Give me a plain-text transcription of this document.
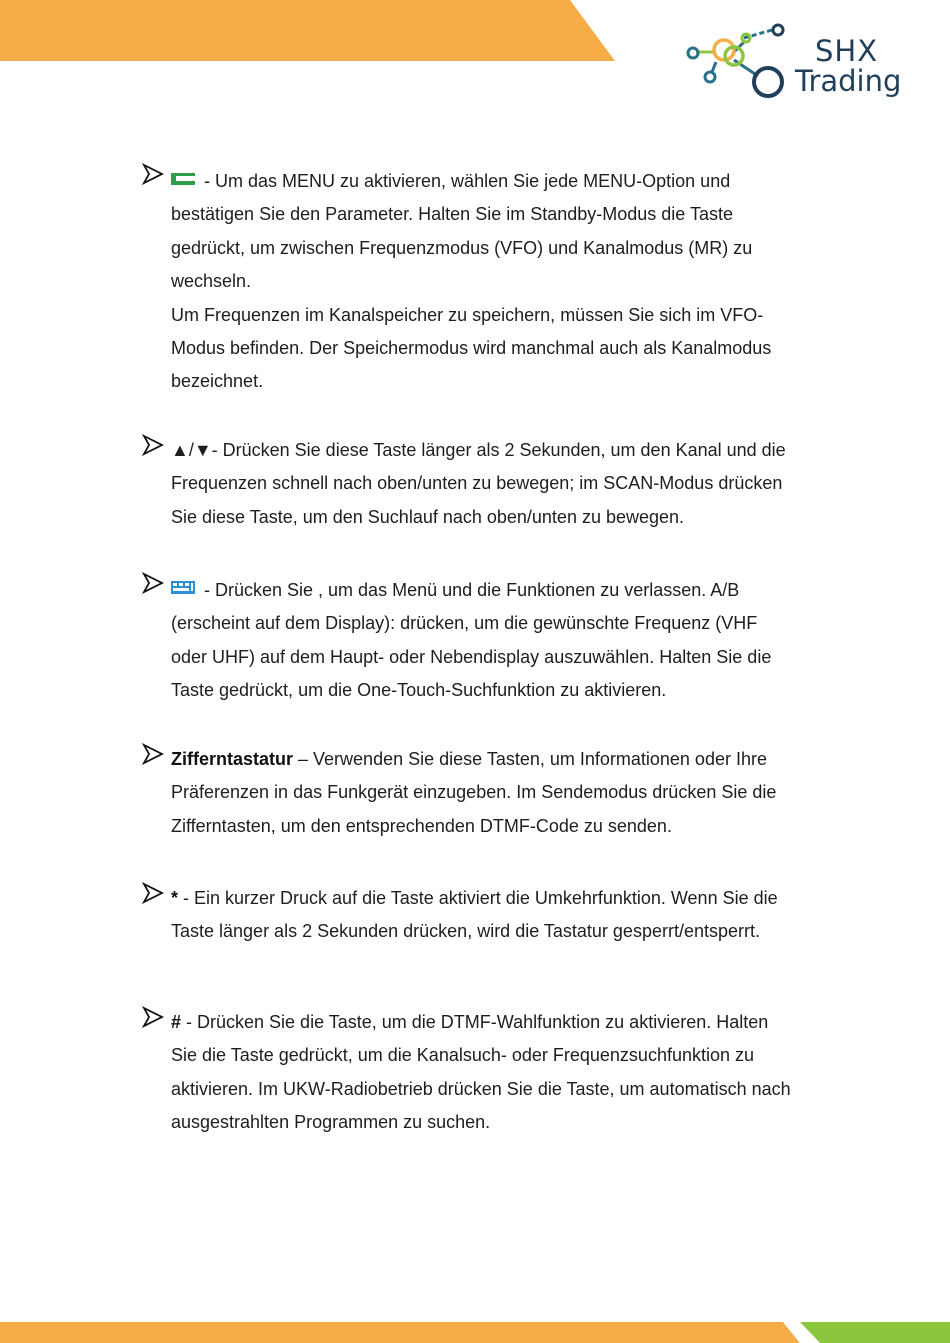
SHX
Trading
- Um das MENU zu aktivieren, wählen Sie jede MENU-Option und
bestätigen Sie den Parameter. Halten Sie im Standby-Modus die Taste
gedrückt, um zwischen Frequenzmodus (VFO) und Kanalmodus (MR) zu
wechseln.
Um Frequenzen im Kanalspeicher zu speichern, müssen Sie sich im VFO-
Modus befinden. Der Speichermodus wird manchmal auch als Kanalmodus
bezeichnet.
▲/▼- Drücken Sie diese Taste länger als 2 Sekunden, um den Kanal und die
Frequenzen schnell nach oben/unten zu bewegen; im SCAN-Modus drücken
Sie diese Taste, um den Suchlauf nach oben/unten zu bewegen.
- Drücken Sie , um das Menü und die Funktionen zu verlassen. A/B
(erscheint auf dem Display): drücken, um die gewünschte Frequenz (VHF
oder UHF) auf dem Haupt- oder Nebendisplay auszuwählen. Halten Sie die
Taste gedrückt, um die One-Touch-Suchfunktion zu aktivieren.
Zifferntastatur – Verwenden Sie diese Tasten, um Informationen oder Ihre
Präferenzen in das Funkgerät einzugeben. Im Sendemodus drücken Sie die
Zifferntasten, um den entsprechenden DTMF-Code zu senden.
* - Ein kurzer Druck auf die Taste aktiviert die Umkehrfunktion. Wenn Sie die
Taste länger als 2 Sekunden drücken, wird die Tastatur gesperrt/entsperrt.
# - Drücken Sie die Taste, um die DTMF-Wahlfunktion zu aktivieren. Halten
Sie die Taste gedrückt, um die Kanalsuch- oder Frequenzsuchfunktion zu
aktivieren. Im UKW-Radiobetrieb drücken Sie die Taste, um automatisch nach
ausgestrahlten Programmen zu suchen.
